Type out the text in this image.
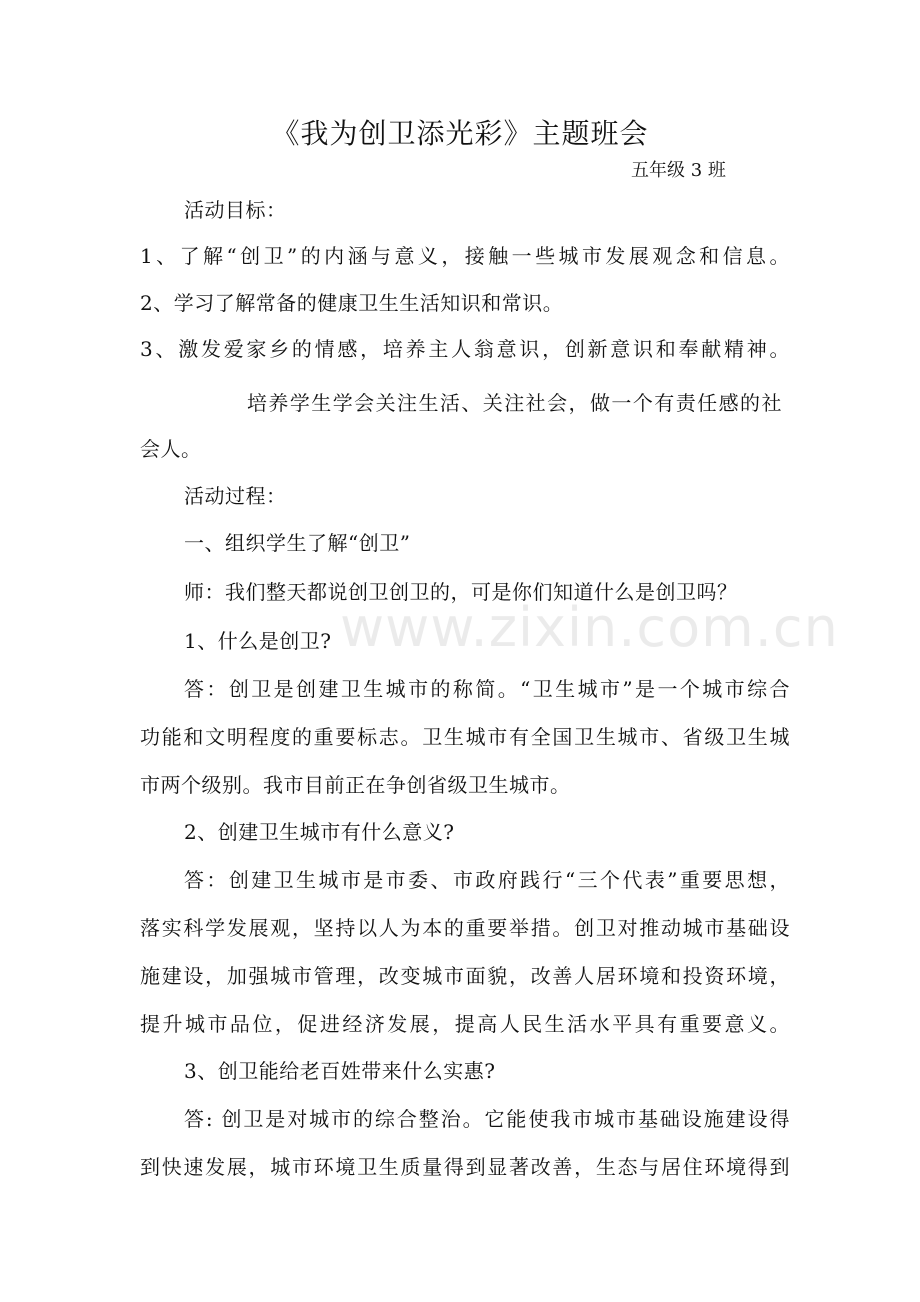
《我为创卫添光彩》主题班会
五年级 3 班
活动目标：
1、了解“创卫”的内涵与意义，接触一些城市发展观念和信息。
2、学习了解常备的健康卫生生活知识和常识。
3、激发爱家乡的情感，培养主人翁意识，创新意识和奉献精神。
培养学生学会关注生活、关注社会，做一个有责任感的社
会人。
活动过程：
一、组织学生了解“创卫”
师：我们整天都说创卫创卫的，可是你们知道什么是创卫吗？
1、什么是创卫?
答：创卫是创建卫生城市的称简。“卫生城市”是一个城市综合
功能和文明程度的重要标志。卫生城市有全国卫生城市、省级卫生城
市两个级别。我市目前正在争创省级卫生城市。
2、创建卫生城市有什么意义?
答：创建卫生城市是市委、市政府践行“三个代表”重要思想，
落实科学发展观，坚持以人为本的重要举措。创卫对推动城市基础设
施建设，加强城市管理，改变城市面貌，改善人居环境和投资环境，
提升城市品位，促进经济发展，提高人民生活水平具有重要意义。
3、创卫能给老百姓带来什么实惠?
答: 创卫是对城市的综合整治。它能使我市城市基础设施建设得
到快速发展，城市环境卫生质量得到显著改善，生态与居住环境得到
www.zixin.com.cn
